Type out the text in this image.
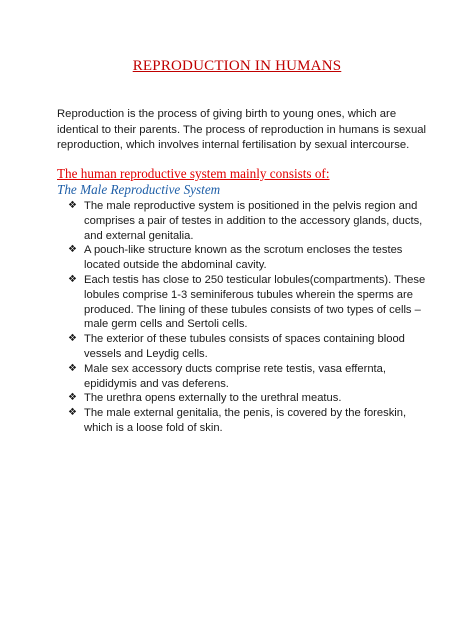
REPRODUCTION IN HUMANS

Reproduction is the process of giving birth to young ones, which are identical to their parents. The process of reproduction in humans is sexual reproduction, which involves internal fertilisation by sexual intercourse.

The human reproductive system mainly consists of:
The Male Reproductive System
❖ The male reproductive system is positioned in the pelvis region and comprises a pair of testes in addition to the accessory glands, ducts, and external genitalia.
❖ A pouch-like structure known as the scrotum encloses the testes located outside the abdominal cavity.
❖ Each testis has close to 250 testicular lobules(compartments). These lobules comprise 1-3 seminiferous tubules wherein the sperms are produced. The lining of these tubules consists of two types of cells – male germ cells and Sertoli cells.
❖ The exterior of these tubules consists of spaces containing blood vessels and Leydig cells.
❖ Male sex accessory ducts comprise rete testis, vasa effernta, epididymis and vas deferens.
❖ The urethra opens externally to the urethral meatus.
❖ The male external genitalia, the penis, is covered by the foreskin, which is a loose fold of skin.
